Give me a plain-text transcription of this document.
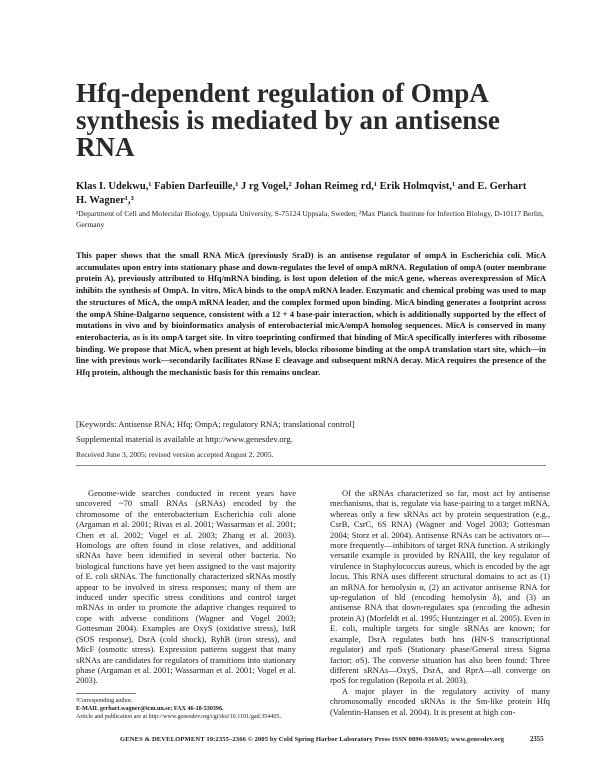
Hfq-dependent regulation of OmpA synthesis is mediated by an antisense RNA
Klas I. Udekwu,¹ Fabien Darfeuille,¹ J rg Vogel,² Johan Reimeg rd,¹ Erik Holmqvist,¹ and E. Gerhart H. Wagner¹,³
¹Department of Cell and Molecular Biology, Uppsala University, S-75124 Uppsala, Sweden; ²Max Planck Institute for Infection Biology, D-10117 Berlin, Germany

This paper shows that the small RNA MicA (previously SraD) is an antisense regulator of ompA in Escherichia coli. MicA accumulates upon entry into stationary phase and down-regulates the level of ompA mRNA. Regulation of ompA (outer membrane protein A), previously attributed to Hfq/mRNA binding, is lost upon deletion of the micA gene, whereas overexpression of MicA inhibits the synthesis of OmpA. In vitro, MicA binds to the ompA mRNA leader. Enzymatic and chemical probing was used to map the structures of MicA, the ompA mRNA leader, and the complex formed upon binding. MicA binding generates a footprint across the ompA Shine-Dalgarno sequence, consistent with a 12 + 4 base-pair interaction, which is additionally supported by the effect of mutations in vivo and by bioinformatics analysis of enterobacterial micA/ompA homolog sequences. MicA is conserved in many enterobacteria, as is its ompA target site. In vitro toeprinting confirmed that binding of MicA specifically interferes with ribosome binding. We propose that MicA, when present at high levels, blocks ribosome binding at the ompA translation start site, which—in line with previous work—secondarily facilitates RNase E cleavage and subsequent mRNA decay. MicA requires the presence of the Hfq protein, although the mechanistic basis for this remains unclear.

[Keywords: Antisense RNA; Hfq; OmpA; regulatory RNA; translational control]
Supplemental material is available at http://www.genesdev.org.
Received June 3, 2005; revised version accepted August 2, 2005.

Genome-wide searches conducted in recent years have uncovered ~70 small RNAs (sRNAs) encoded by the chromosome of the enterobacterium Escherichia coli alone (Argaman et al. 2001; Rivas et al. 2001; Wassarman et al. 2001; Chen et al. 2002; Vogel et al. 2003; Zhang et al. 2003). Homologs are often found in close relatives, and additional sRNAs have been identified in several other bacteria. No biological functions have yet been assigned to the vast majority of E. coli sRNAs. The functionally characterized sRNAs mostly appear to be involved in stress responses; many of them are induced under specific stress conditions and control target mRNAs in order to promote the adaptive changes required to cope with adverse conditions (Wagner and Vogel 2003; Gottesman 2004). Examples are OxyS (oxidative stress), IstR (SOS response), DsrA (cold shock), RyhB (iron stress), and MicF (osmotic stress). Expression patterns suggest that many sRNAs are candidates for regulators of transitions into stationary phase (Argaman et al. 2001; Wassarman et al. 2001; Vogel et al. 2003).

Of the sRNAs characterized so far, most act by antisense mechanisms, that is, regulate via base-pairing to a target mRNA, whereas only a few sRNAs act by protein sequestration (e.g., CsrB, CsrC, 6S RNA) (Wagner and Vogel 2003; Gottesman 2004; Storz et al. 2004). Antisense RNAs can be activators or—more frequently—inhibitors of target RNA function. A strikingly versatile example is provided by RNAIII, the key regulator of virulence in Staphylococcus aureus, which is encoded by the agr locus. This RNA uses different structural domains to act as (1) an mRNA for hemolysin α, (2) an activator antisense RNA for up-regulation of hld (encoding hemolysin δ), and (3) an antisense RNA that down-regulates spa (encoding the adhesin protein A) (Morfeldt et al. 1995; Huntzinger et al. 2005). Even in E. coli, multiple targets for single sRNAs are known; for example, DsrA regulates both hns (HN-S transcriptional regulator) and rpoS (Stationary phase/General stress Sigma factor; σS). The converse situation has also been found: Three different sRNAs—OxyS, DsrA, and RprA—all converge on rpoS for regulation (Repoila et al. 2003).

A major player in the regulatory activity of many chromosomally encoded sRNAs is the Sm-like protein Hfq (Valentin-Hansen et al. 2004). It is present at high con-

³Corresponding author.
E-MAIL gerhart.wagner@icm.uu.se; FAX 46-18-530396.
Article and publication are at http://www.genesdev.org/cgi/doi/10.1101/gad.354405.
GENES & DEVELOPMENT 19:2355–2366 © 2005 by Cold Spring Harbor Laboratory Press ISSN 0890-9369/05; www.genesdev.org	2355
